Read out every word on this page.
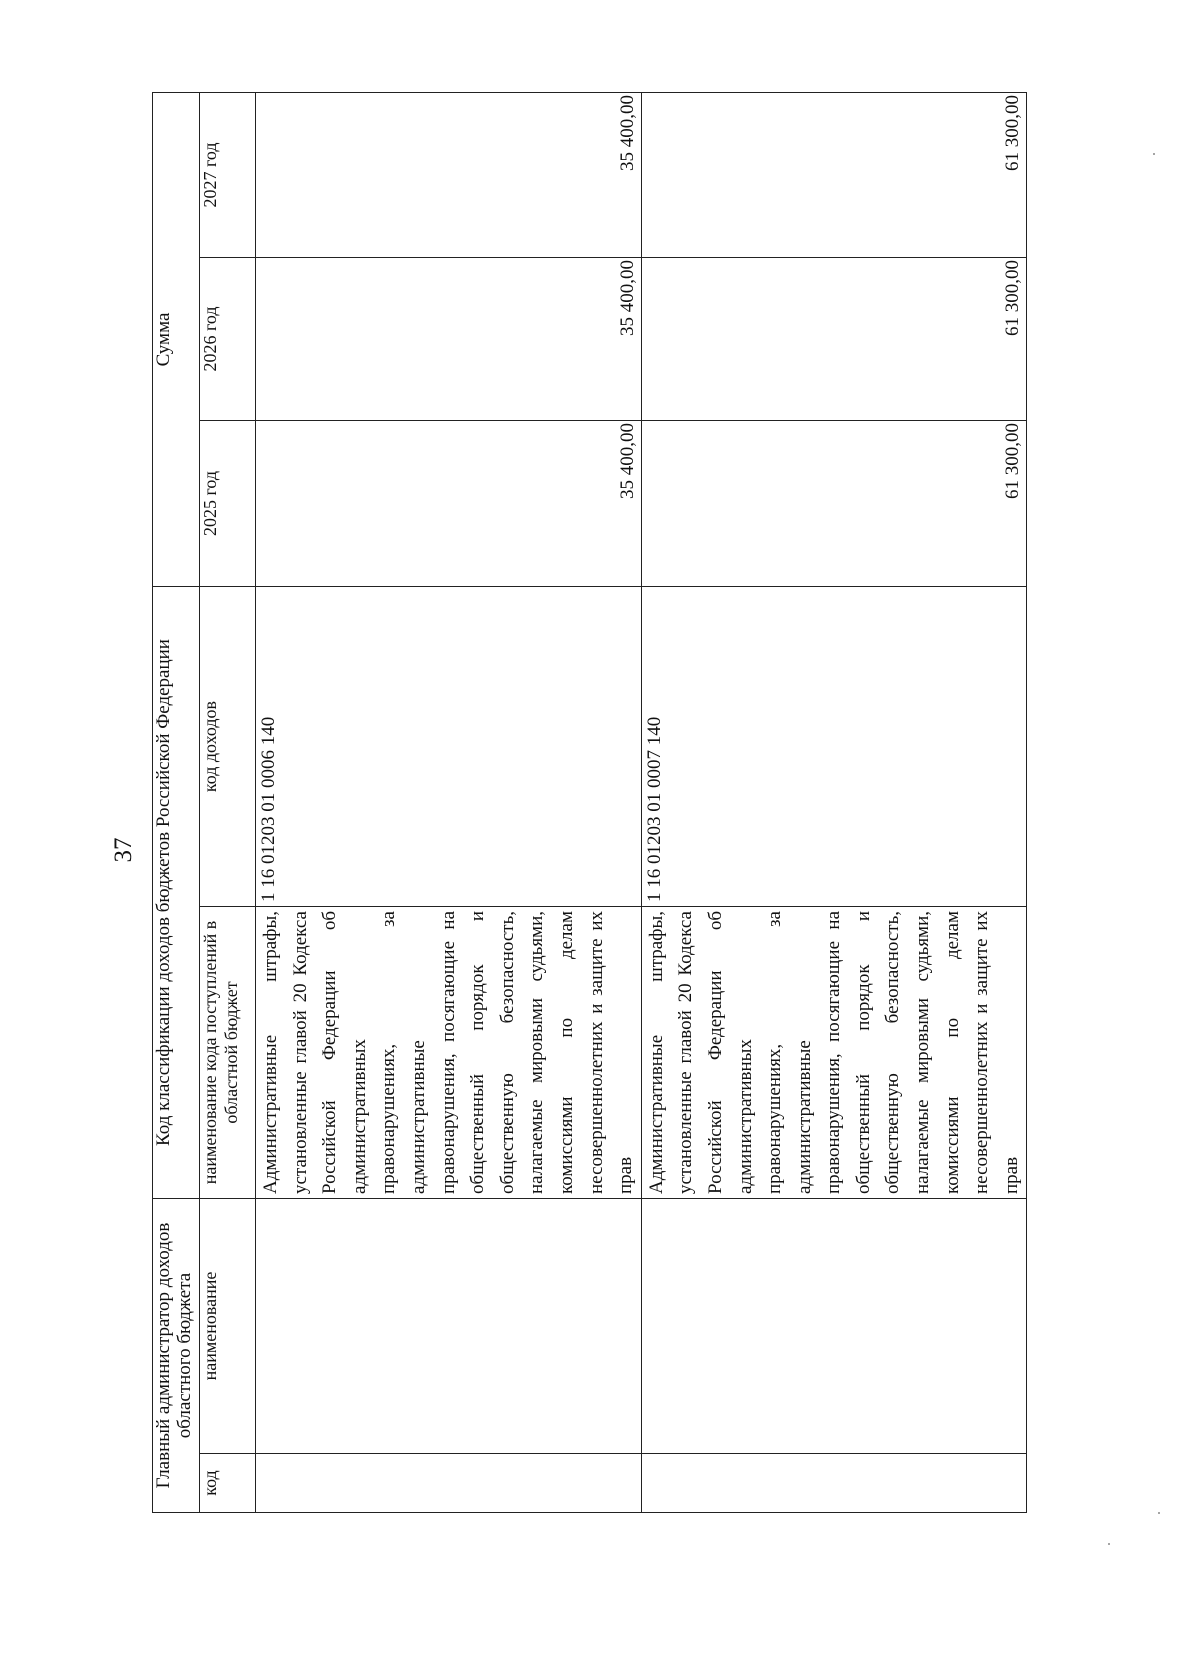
37
Главный администратор доходов областного бюджета		Код классификации доходов бюджетов Российской Федерации		Сумма		
код	наименование	наименование кода поступлений в областной бюджет	код доходов	2025 год	2026 год	2027 год
		Административные штрафы, установленные главой 20 Кодекса Российской Федерации об административных правонарушениях, за административные правонарушения, посягающие на общественный порядок и общественную безопасность, налагаемые мировыми судьями, комиссиями по делам несовершеннолетних и защите их прав	1 16 01203 01 0006 140	35 400,00	35 400,00	35 400,00
		Административные штрафы, установленные главой 20 Кодекса Российской Федерации об административных правонарушениях, за административные правонарушения, посягающие на общественный порядок и общественную безопасность, налагаемые мировыми судьями, комиссиями по делам несовершеннолетних и защите их прав	1 16 01203 01 0007 140	61 300,00	61 300,00	61 300,00
